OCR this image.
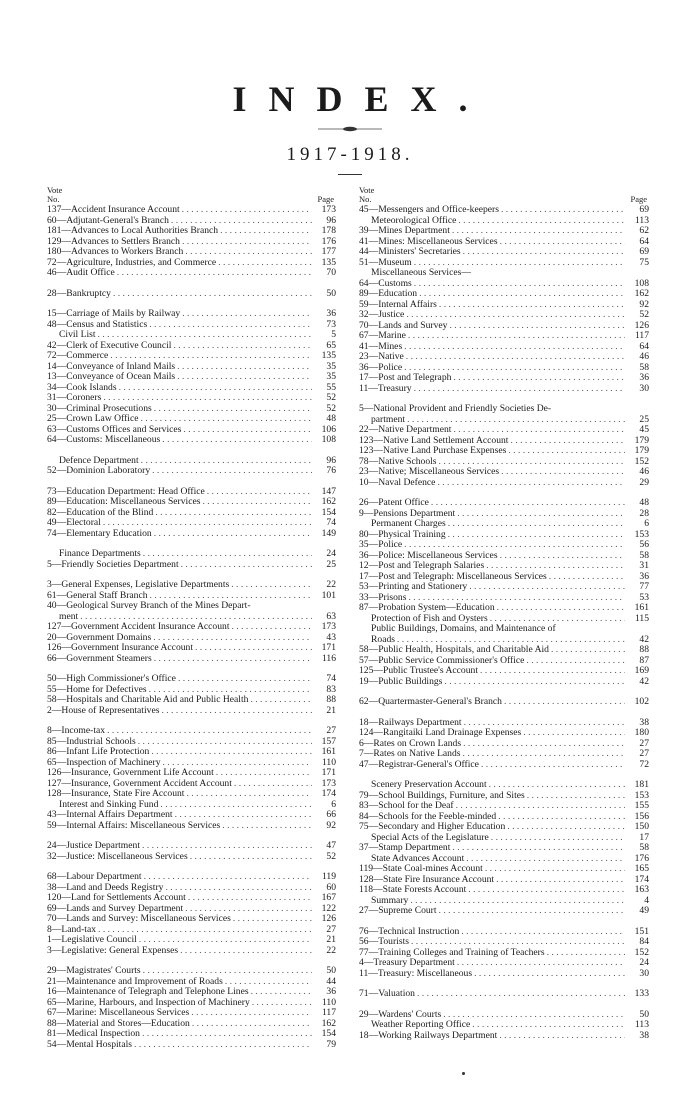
INDEX.
1917-1918.
Vote
No.	Page
137—Accident Insurance Account . . .	173
60—Adjutant-General's Branch . . .	96
181—Advances to Local Authorities Branch . . .	178
129—Advances to Settlers Branch . . .	176
180—Advances to Workers Branch . . .	177
72—Agriculture, Industries, and Commerce . . .	135
46—Audit Office . . .	70
28—Bankruptcy . . .	50
15—Carriage of Mails by Railway . . .	36
48—Census and Statistics . . .	73
Civil List . . .	5
42—Clerk of Executive Council . . .	65
72—Commerce . . .	135
14—Conveyance of Inland Mails . . .	35
13—Conveyance of Ocean Mails . . .	35
34—Cook Islands . . .	55
31—Coroners . . .	52
30—Criminal Prosecutions . . .	52
25—Crown Law Office . . .	48
63—Customs Offices and Services . . .	106
64—Customs: Miscellaneous . . .	108
Defence Department . . .	96
52—Dominion Laboratory . . .	76
73—Education Department: Head Office . . .	147
89—Education: Miscellaneous Services . . .	162
82—Education of the Blind . . .	154
49—Electoral . . .	74
74—Elementary Education . . .	149
Finance Departments . . .	24
5—Friendly Societies Department . . .	25
3—General Expenses, Legislative Departments . . .	22
61—General Staff Branch . . .	101
40—Geological Survey Branch of the Mines Depart-
ment . . .	63
127—Government Accident Insurance Account . . .	173
20—Government Domains . . .	43
126—Government Insurance Account . . .	171
66—Government Steamers . . .	116
50—High Commissioner's Office . . .	74
55—Home for Defectives . . .	83
58—Hospitals and Charitable Aid and Public Health . . .	88
2—House of Representatives . . .	21
8—Income-tax . . .	27
85—Industrial Schools . . .	157
86—Infant Life Protection . . .	161
65—Inspection of Machinery . . .	110
126—Insurance, Government Life Account . . .	171
127—Insurance, Government Accident Account . . .	173
128—Insurance, State Fire Account . . .	174
Interest and Sinking Fund . . .	6
43—Internal Affairs Department . . .	66
59—Internal Affairs: Miscellaneous Services . . .	92
24—Justice Department . . .	47
32—Justice: Miscellaneous Services . . .	52
68—Labour Department . . .	119
38—Land and Deeds Registry . . .	60
120—Land for Settlements Account . . .	167
69—Lands and Survey Department . . .	122
70—Lands and Survey: Miscellaneous Services . . .	126
8—Land-tax . . .	27
1—Legislative Council . . .	21
3—Legislative: General Expenses . . .	22
29—Magistrates' Courts . . .	50
21—Maintenance and Improvement of Roads . . .	44
16—Maintenance of Telegraph and Telephone Lines . . .	36
65—Marine, Harbours, and Inspection of Machinery . . .	110
67—Marine: Miscellaneous Services . . .	117
88—Material and Stores—Education . . .	162
81—Medical Inspection . . .	154
54—Mental Hospitals . . .	79
Vote
No.	Page
45—Messengers and Office-keepers . . .	69
Meteorological Office . . .	113
39—Mines Department . . .	62
41—Mines: Miscellaneous Services . . .	64
44—Ministers' Secretaries . . .	69
51—Museum . . .	75
Miscellaneous Services—
64—Customs . . .	108
89—Education . . .	162
59—Internal Affairs . . .	92
32—Justice . . .	52
70—Lands and Survey . . .	126
67—Marine . . .	117
41—Mines . . .	64
23—Native . . .	46
36—Police . . .	58
17—Post and Telegraph . . .	36
11—Treasury . . .	30
5—National Provident and Friendly Societies De-
partment . . .	25
22—Native Department . . .	45
123—Native Land Settlement Account . . .	179
123—Native Land Purchase Expenses . . .	179
78—Native Schools . . .	152
23—Native; Miscellaneous Services . . .	46
10—Naval Defence . . .	29
26—Patent Office . . .	48
9—Pensions Department . . .	28
Permanent Charges . . .	6
80—Physical Training . . .	153
35—Police . . .	56
36—Police: Miscellaneous Services . . .	58
12—Post and Telegraph Salaries . . .	31
17—Post and Telegraph: Miscellaneous Services . . .	36
53—Printing and Stationery . . .	77
33—Prisons . . .	53
87—Probation System—Education . . .	161
Protection of Fish and Oysters . . .	115
Public Buildings, Domains, and Maintenance of
Roads . . .	42
58—Public Health, Hospitals, and Charitable Aid . . .	88
57—Public Service Commissioner's Office . . .	87
125—Public Trustee's Account . . .	169
19—Public Buildings . . .	42
62—Quartermaster-General's Branch . . .	102
18—Railways Department . . .	38
124—Rangitaiki Land Drainage Expenses . . .	180
6—Rates on Crown Lands . . .	27
7—Rates on Native Lands . . .	27
47—Registrar-General's Office . . .	72
Scenery Preservation Account . . .	181
79—School Buildings, Furniture, and Sites . . .	153
83—School for the Deaf . . .	155
84—Schools for the Feeble-minded . . .	156
75—Secondary and Higher Education . . .	150
Special Acts of the Legislature . . .	17
37—Stamp Department . . .	58
State Advances Account . . .	176
119—State Coal-mines Account . . .	165
128—State Fire Insurance Account . . .	174
118—State Forests Account . . .	163
Summary . . .	4
27—Supreme Court . . .	49
76—Technical Instruction . . .	151
56—Tourists . . .	84
77—Training Colleges and Training of Teachers . . .	152
4—Treasury Department . . .	24
11—Treasury: Miscellaneous . . .	30
71—Valuation . . .	133
29—Wardens' Courts . . .	50
Weather Reporting Office . . .	113
18—Working Railways Department . . .	38
